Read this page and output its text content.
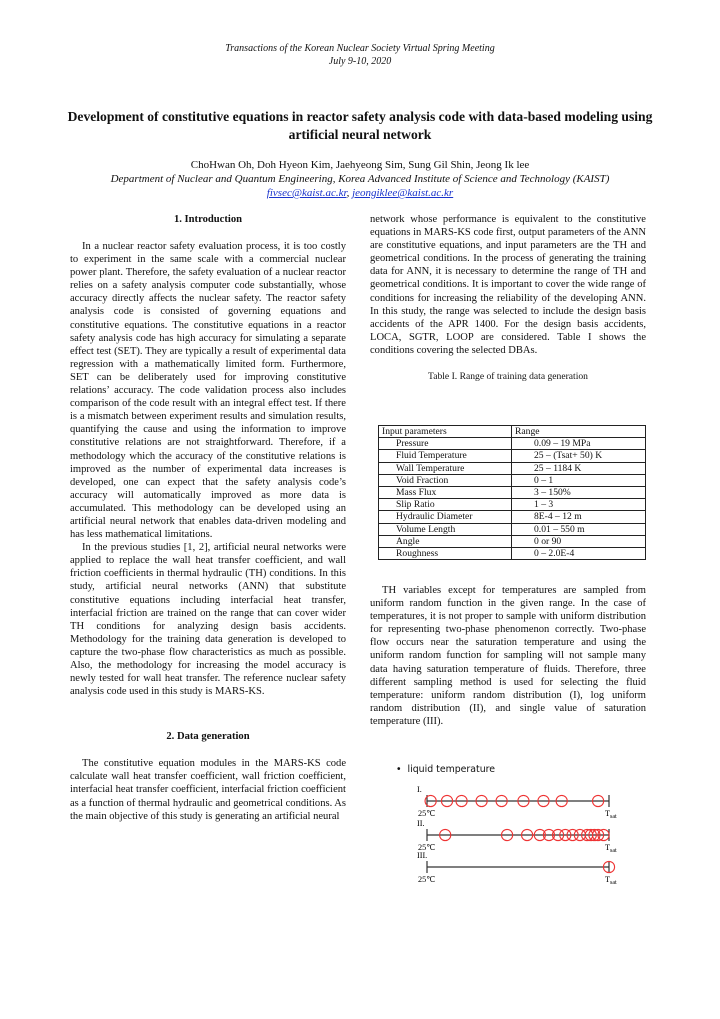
Transactions of the Korean Nuclear Society Virtual Spring Meeting
July 9-10, 2020
Development of constitutive equations in reactor safety analysis code with data-based modeling using artificial neural network
ChoHwan Oh, Doh Hyeon Kim, Jaehyeong Sim, Sung Gil Shin, Jeong Ik lee
Department of Nuclear and Quantum Engineering, Korea Advanced Institute of Science and Technology (KAIST)
fivsec@kaist.ac.kr, jeongiklee@kaist.ac.kr
1. Introduction

In a nuclear reactor safety evaluation process, it is too costly to experiment in the same scale with a commercial nuclear power plant. Therefore, the safety evaluation of a nuclear reactor relies on a safety analysis computer code substantially, whose accuracy directly affects the nuclear safety. The reactor safety analysis code is consisted of governing equations and constitutive equations. The constitutive equations in a reactor safety analysis code has high accuracy for simulating a separate effect test (SET). They are typically a result of experimental data regression with a mathematically limited form. Furthermore, SET can be deliberately used for improving constitutive relations’ accuracy. The code validation process also includes comparison of the code result with an integral effect test. If there is a mismatch between experiment results and simulation results, quantifying the cause and using the information to improve constitutive relations are not straightforward. Therefore, if a methodology which the accuracy of the constitutive relations is improved as the number of experimental data increases is developed, one can expect that the safety analysis code’s accuracy will automatically improved as more data is accumulated. This methodology can be developed using an artificial neural network that enables data-driven modeling and has less mathematical limitations.

In the previous studies [1, 2], artificial neural networks were applied to replace the wall heat transfer coefficient, and wall friction coefficients in thermal hydraulic (TH) conditions. In this study, artificial neural networks (ANN) that substitute constitutive equations including interfacial heat transfer, interfacial friction are trained on the range that can cover wider TH conditions for analyzing design basis accidents. Methodology for the training data generation is developed to capture the two-phase flow characteristics as much as possible. Also, the methodology for increasing the model accuracy is newly tested for wall heat transfer. The reference nuclear safety analysis code used in this study is MARS-KS.

2. Data generation

The constitutive equation modules in the MARS-KS code calculate wall heat transfer coefficient, wall friction coefficient, interfacial heat transfer coefficient, interfacial friction coefficient as a function of thermal hydraulic and geometrical conditions. As the main objective of this study is generating an artificial neural

network whose performance is equivalent to the constitutive equations in MARS-KS code first, output parameters of the ANN are constitutive equations, and input parameters are the TH and geometrical conditions. In the process of generating the training data for ANN, it is necessary to determine the range of TH and geometrical conditions. It is important to cover the wide range of conditions for increasing the reliability of the developing ANN. In this study, the range was selected to include the design basis accidents of the APR 1400. For the design basis accidents, LOCA, SGTR, LOOP are considered. Table I shows the conditions covering the selected DBAs.

Table I. Range of training data generation
Input parameters	Range
Pressure	0.09 – 19 MPa
Fluid Temperature	25 – (Tsat+ 50) K
Wall Temperature	25 – 1184 K
Void Fraction	0 – 1
Mass Flux	3 – 150%
Slip Ratio	1 – 3
Hydraulic Diameter	8E-4 – 12 m
Volume Length	0.01 – 550 m
Angle	0 or 90
Roughness	0 – 2.0E-4

TH variables except for temperatures are sampled from uniform random function in the given range. In the case of temperatures, it is not proper to sample with uniform distribution for representing two-phase phenomenon correctly. Two-phase flow occurs near the saturation temperature and using the uniform random function for sampling will not sample many data having saturation temperature of fluids. Therefore, three different sampling method is used for selecting the fluid temperature: uniform random distribution (I), log uniform random distribution (II), and single value of saturation temperature (III).

• liquid temperature
I.
25℃	$T_{sat}$
II.
25℃	$T_{sat}$
III.
25℃	$T_{sat}$
